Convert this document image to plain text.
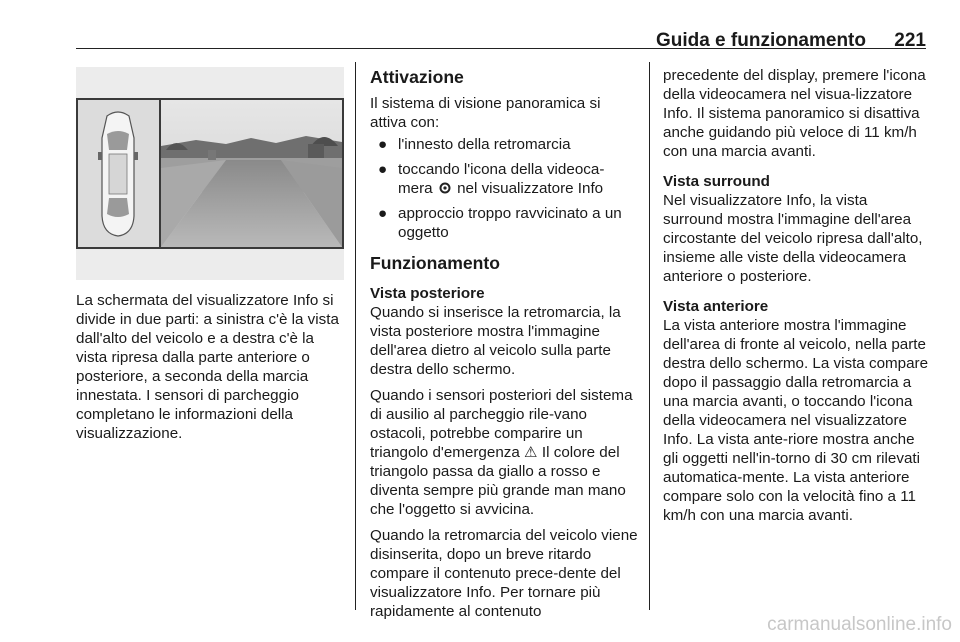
Guida e funzionamento 221

La schermata del visualizzatore Info si divide in due parti: a sinistra c'è la vista dall'alto del veicolo e a destra c'è la vista ripresa dalla parte anteriore o posteriore, a seconda della marcia innestata. I sensori di parcheggio completano le informazioni della visualizzazione.

Attivazione

Il sistema di visione panoramica si attiva con:

● l'innesto della retromarcia
● toccando l'icona della videoca-mera nel visualizzatore Info
● approccio troppo ravvicinato a un oggetto
Funzionamento
Vista posteriore

Quando si inserisce la retromarcia, la vista posteriore mostra l'immagine dell'area dietro al veicolo sulla parte destra dello schermo.

Quando i sensori posteriori del sistema di ausilio al parcheggio rile-vano ostacoli, potrebbe comparire un triangolo d'emergenza ⚠ Il colore del triangolo passa da giallo a rosso e diventa sempre più grande man mano che l'oggetto si avvicina.

Quando la retromarcia del veicolo viene disinserita, dopo un breve ritardo compare il contenuto prece-dente del visualizzatore Info. Per tornare più rapidamente al contenuto

precedente del display, premere l'icona della videocamera nel visua-lizzatore Info. Il sistema panoramico si disattiva anche guidando più veloce di 11 km/h con una marcia avanti.

Vista surround

Nel visualizzatore Info, la vista surround mostra l'immagine dell'area circostante del veicolo ripresa dall'alto, insieme alle viste della videocamera anteriore o posteriore.

Vista anteriore

La vista anteriore mostra l'immagine dell'area di fronte al veicolo, nella parte destra dello schermo. La vista compare dopo il passaggio dalla retromarcia a una marcia avanti, o toccando l'icona della videocamera nel visualizzatore Info. La vista ante-riore mostra anche gli oggetti nell'in-torno di 30 cm rilevati automatica-mente. La vista anteriore compare solo con la velocità fino a 11 km/h con una marcia avanti.

carmanualsonline.info
